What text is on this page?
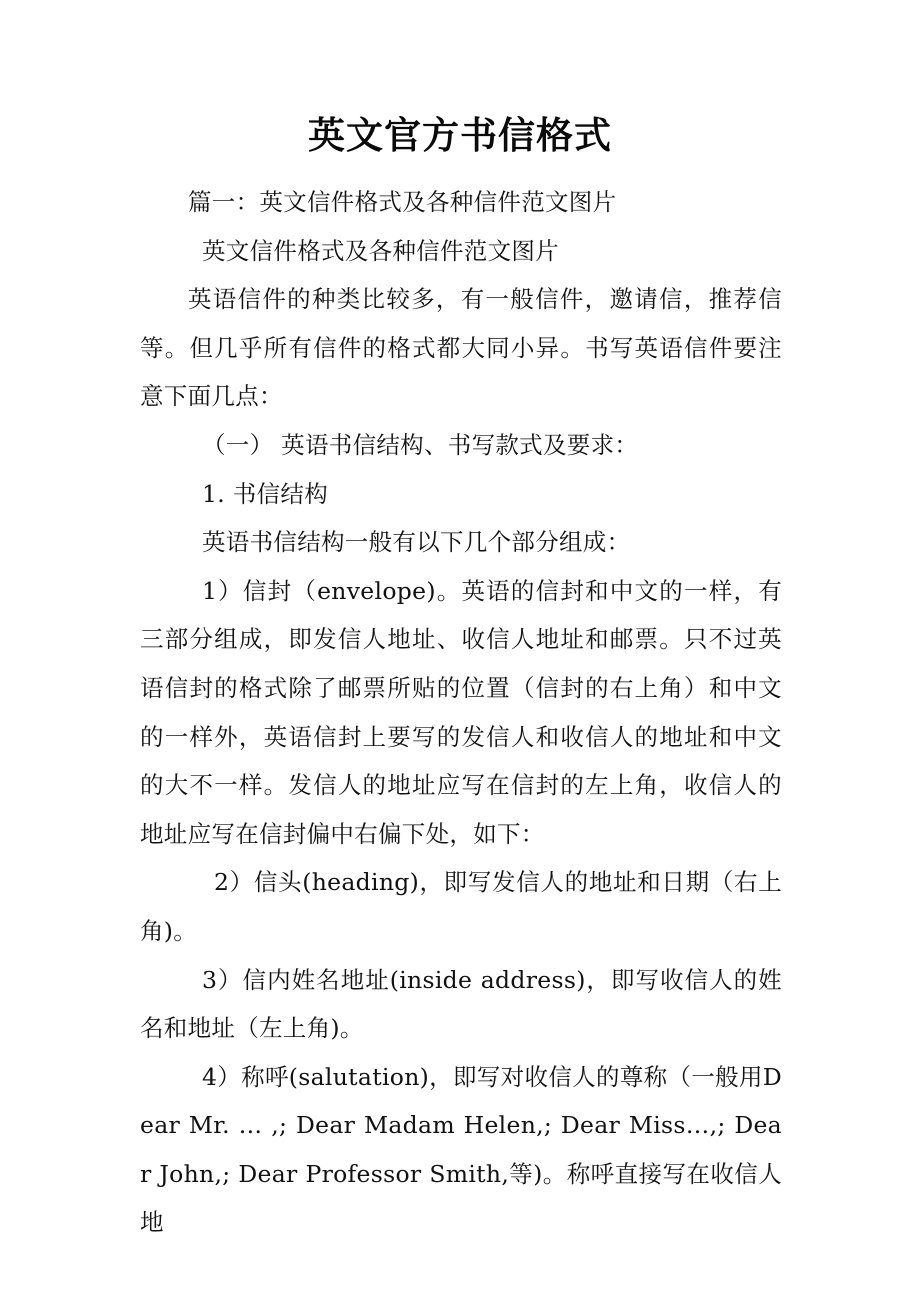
英文官方书信格式

篇一：英文信件格式及各种信件范文图片

英文信件格式及各种信件范文图片

英语信件的种类比较多，有一般信件，邀请信，推荐信等。但几乎所有信件的格式都大同小异。书写英语信件要注意下面几点：

（一） 英语书信结构、书写款式及要求：

1. 书信结构

英语书信结构一般有以下几个部分组成：

1）信封（envelope)。英语的信封和中文的一样，有三部分组成，即发信人地址、收信人地址和邮票。只不过英语信封的格式除了邮票所贴的位置（信封的右上角）和中文的一样外，英语信封上要写的发信人和收信人的地址和中文的大不一样。发信人的地址应写在信封的左上角，收信人的地址应写在信封偏中右偏下处，如下：

2）信头(heading)，即写发信人的地址和日期（右上角)。

3）信内姓名地址(inside address)，即写收信人的姓名和地址（左上角)。

4）称呼(salutation)，即写对收信人的尊称（一般用Dear Mr. … ,; Dear Madam Helen,; Dear Miss…,; Dear John,; Dear Professor Smith,等)。称呼直接写在收信人地
